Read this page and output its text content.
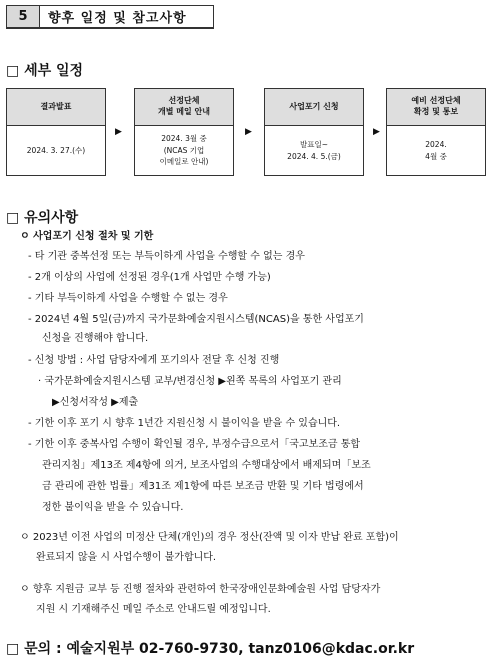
5	향후 일정 및 참고사항
□ 세부 일정
결과발표
2024. 3. 27.(수)
▶
선정단체
개별 메일 안내
2024. 3월 중
(NCAS 기업
이메일로 안내)
▶
사업포기 신청
발표일~
2024. 4. 5.(금)
▶
예비 선정단체
확정 및 통보
2024.
4월 중
□ 유의사항
ㅇ 사업포기 신청 절차 및 기한
- 타 기관 중복선정 또는 부득이하게 사업을 수행할 수 없는 경우
- 2개 이상의 사업에 선정된 경우(1개 사업만 수행 가능)
- 기타 부득이하게 사업을 수행할 수 없는 경우
- 2024년 4월 5일(금)까지 국가문화예술지원시스템(NCAS)을 통한 사업포기
신청을 진행해야 합니다.
- 신청 방법 : 사업 담당자에게 포기의사 전달 후 신청 진행
· 국가문화예술지원시스템 교부/변경신청 ▶왼쪽 목록의 사업포기 관리
▶신청서작성 ▶제출
- 기한 이후 포기 시 향후 1년간 지원신청 시 불이익을 받을 수 있습니다.
- 기한 이후 중복사업 수행이 확인될 경우, 부정수급으로서「국고보조금 통합
관리지침」제13조 제4항에 의거, 보조사업의 수행대상에서 배제되며「보조
금 관리에 관한 법률」제31조 제1항에 따른 보조금 반환 및 기타 법령에서
정한 불이익을 받을 수 있습니다.
ㅇ 2023년 이전 사업의 미정산 단체(개인)의 경우 정산(잔액 및 이자 반납 완료 포함)이
완료되지 않을 시 사업수행이 불가합니다.
ㅇ 향후 지원금 교부 등 진행 절차와 관련하여 한국장애인문화예술원 사업 담당자가
지원 시 기재해주신 메일 주소로 안내드릴 예정입니다.
□ 문의 : 예술지원부 02-760-9730, tanz0106@kdac.or.kr
